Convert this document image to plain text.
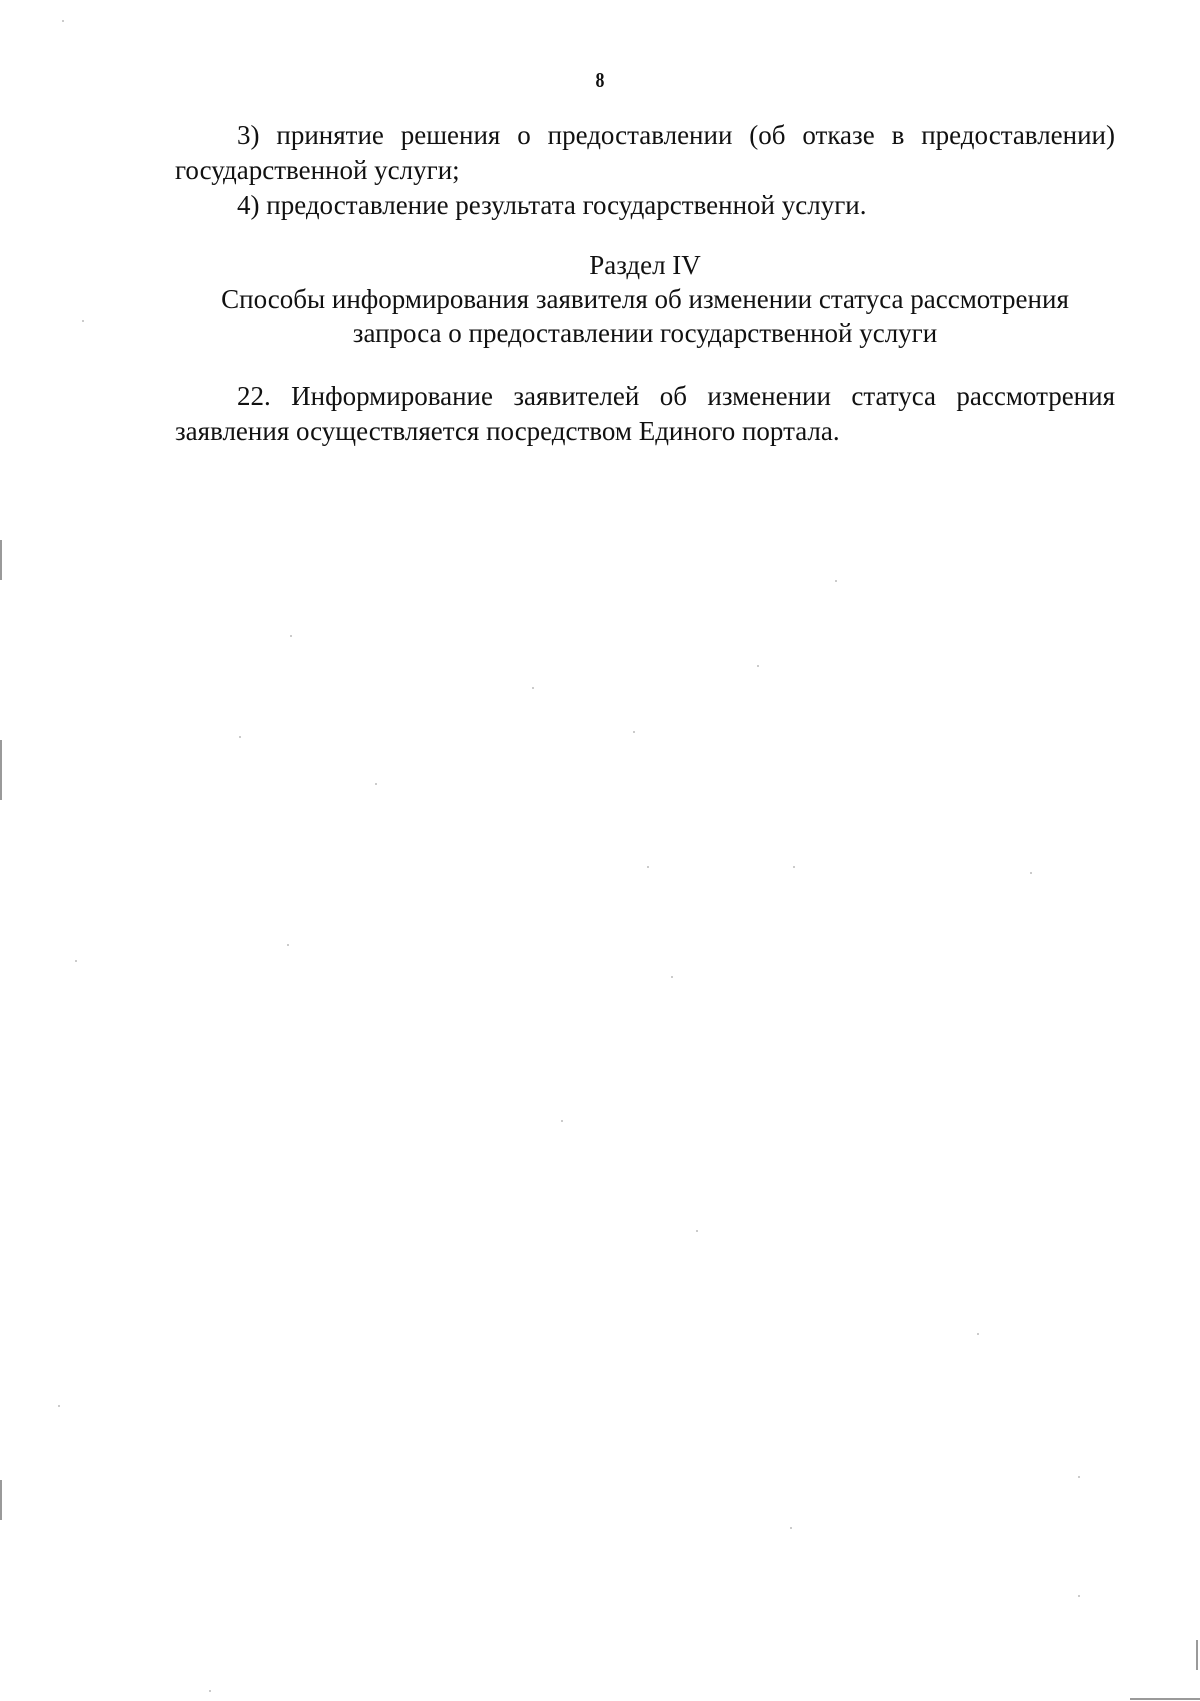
8

3) принятие решения о предоставлении (об отказе в предоставлении) государственной услуги;

4) предоставление результата государственной услуги.

Раздел IV
Способы информирования заявителя об изменении статуса рассмотрения
запроса о предоставлении государственной услуги

22. Информирование заявителей об изменении статуса рассмотрения заявления осуществляется посредством Единого портала.
